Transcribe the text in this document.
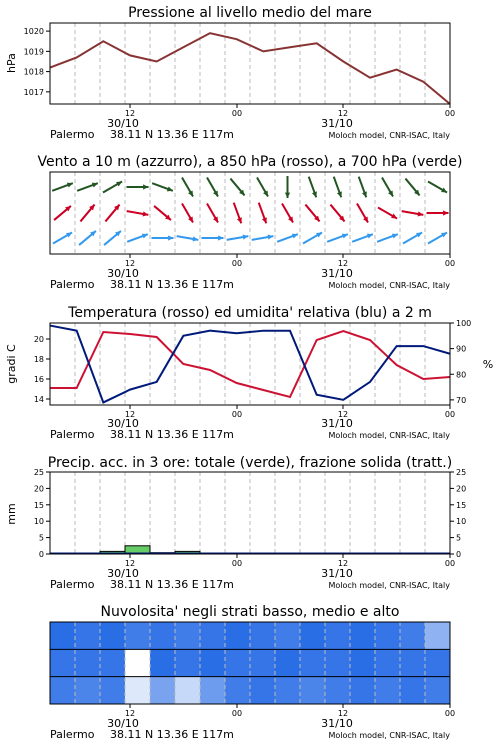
Pressione al livello medio del mare
Vento a 10 m (azzurro), a 850 hPa (rosso), a 700 hPa (verde)
Temperatura (rosso) ed umidita' relativa (blu) a 2 m
Precip. acc. in 3 ore: totale (verde), frazione solida (tratt.)
Nuvolosita' negli strati basso, medio e alto
1017
1018
1019
1020
12	00	12	00
hPa
30/10	31/10
Palermo 38.11 N 13.36 E 117m	Moloch model, CNR-ISAC, Italy
12	00	12	00
30/10	31/10
Palermo 38.11 N 13.36 E 117m	Moloch model, CNR-ISAC, Italy
14
16
18
20
70
80
90
100
12	00	12	00
gradi C	%
30/10	31/10
Palermo 38.11 N 13.36 E 117m	Moloch model, CNR-ISAC, Italy
0
5
10
15
20
25
0
5
10
15
20
25
12	00	12	00
mm
30/10	31/10
Palermo 38.11 N 13.36 E 117m	Moloch model, CNR-ISAC, Italy
12	00	12	00
30/10	31/10
Palermo 38.11 N 13.36 E 117m	Moloch model, CNR-ISAC, Italy
